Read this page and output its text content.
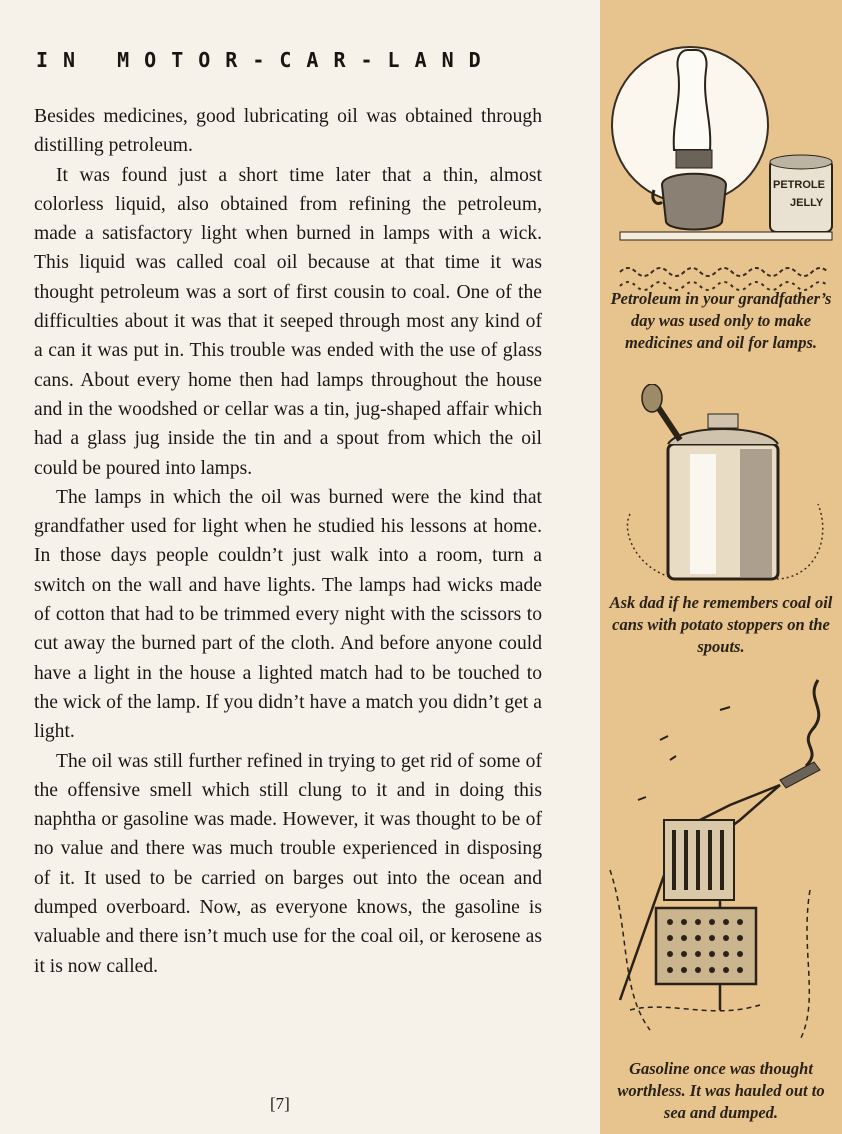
IN MOTOR-CAR-LAND

Besides medicines, good lubricating oil was obtained through distilling petroleum.

It was found just a short time later that a thin, almost colorless liquid, also obtained from refining the petroleum, made a satisfactory light when burned in lamps with a wick. This liquid was called coal oil because at that time it was thought petroleum was a sort of first cousin to coal. One of the difficulties about it was that it seeped through most any kind of a can it was put in. This trouble was ended with the use of glass cans. About every home then had lamps throughout the house and in the woodshed or cellar was a tin, jug-shaped affair which had a glass jug inside the tin and a spout from which the oil could be poured into lamps.

The lamps in which the oil was burned were the kind that grandfather used for light when he studied his lessons at home. In those days people couldn’t just walk into a room, turn a switch on the wall and have lights. The lamps had wicks made of cotton that had to be trimmed every night with the scissors to cut away the burned part of the cloth. And before anyone could have a light in the house a lighted match had to be touched to the wick of the lamp. If you didn’t have a match you didn’t get a light.

The oil was still further refined in trying to get rid of some of the offensive smell which still clung to it and in doing this naphtha or gasoline was made. However, it was thought to be of no value and there was much trouble experienced in disposing of it. It used to be carried on barges out into the ocean and dumped overboard. Now, as everyone knows, the gasoline is valuable and there isn’t much use for the coal oil, or kerosene as it is now called.

[7]
PETROLE
JELLY
Petroleum in your grandfather’s day was used only to make medicines and oil for lamps.
Ask dad if he remembers coal oil cans with potato stoppers on the spouts.
Gasoline once was thought worthless. It was hauled out to sea and dumped.
